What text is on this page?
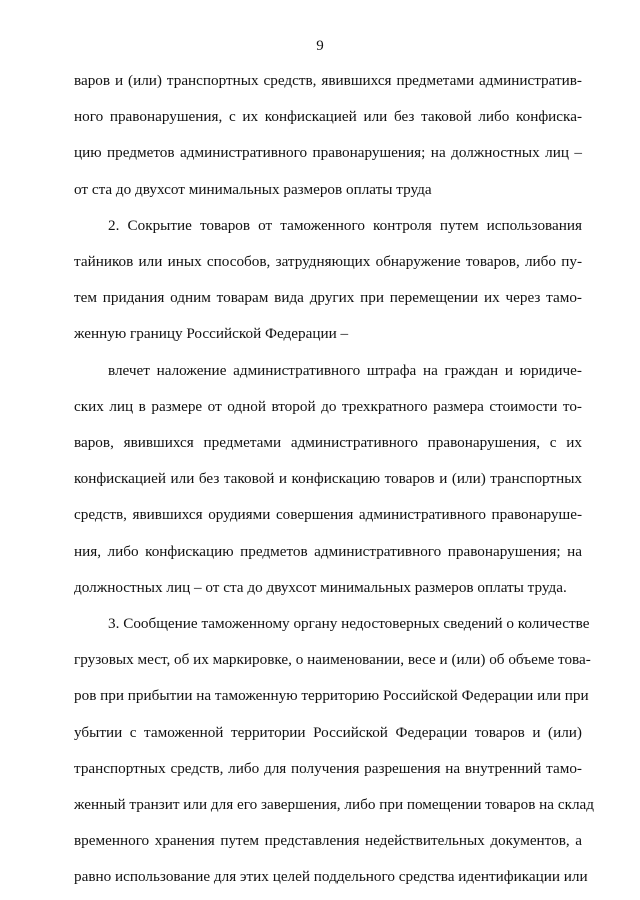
9
варов и (или) транспортных средств, явившихся предметами административ-
ного правонарушения, с их конфискацией или без таковой либо конфиска-
цию предметов административного правонарушения; на должностных лиц –
от ста до двухсот минимальных размеров оплаты труда
2. Сокрытие товаров от таможенного контроля путем использования
тайников или иных способов, затрудняющих обнаружение товаров, либо пу-
тем придания одним товарам вида других при перемещении их через тамо-
женную границу Российской Федерации –
влечет наложение административного штрафа на граждан и юридиче-
ских лиц в размере от одной второй до трехкратного размера стоимости то-
варов, явившихся предметами административного правонарушения, с их
конфискацией или без таковой и конфискацию товаров и (или) транспортных
средств, явившихся орудиями совершения административного правонаруше-
ния, либо конфискацию предметов административного правонарушения; на
должностных лиц – от ста до двухсот минимальных размеров оплаты труда.
3. Сообщение таможенному органу недостоверных сведений о количестве
грузовых мест, об их маркировке, о наименовании, весе и (или) об объеме това-
ров при прибытии на таможенную территорию Российской Федерации или при
убытии с таможенной территории Российской Федерации товаров и (или)
транспортных средств, либо для получения разрешения на внутренний тамо-
женный транзит или для его завершения, либо при помещении товаров на склад
временного хранения путем представления недействительных документов, а
равно использование для этих целей поддельного средства идентификации или
